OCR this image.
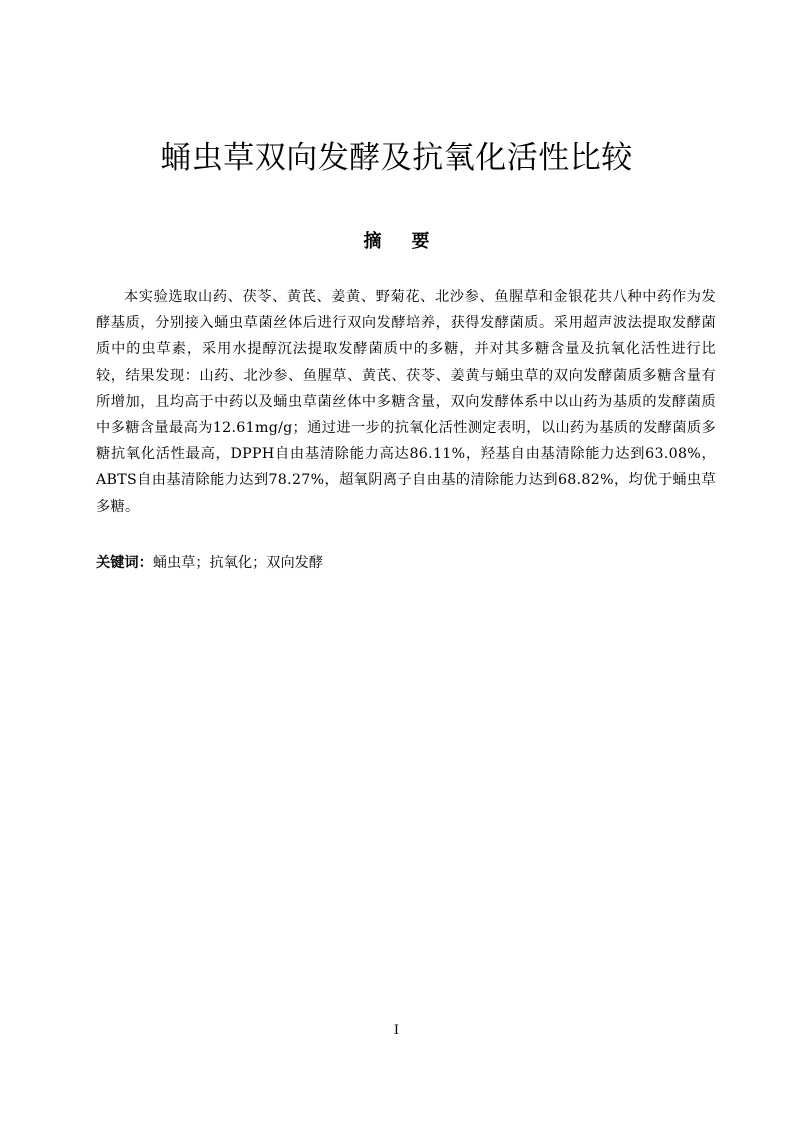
蛹虫草双向发酵及抗氧化活性比较
摘 要

本实验选取山药、茯苓、黄芪、姜黄、野菊花、北沙参、鱼腥草和金银花共八种中药作为发酵基质，分别接入蛹虫草菌丝体后进行双向发酵培养，获得发酵菌质。采用超声波法提取发酵菌质中的虫草素，采用水提醇沉法提取发酵菌质中的多糖，并对其多糖含量及抗氧化活性进行比较，结果发现：山药、北沙参、鱼腥草、黄芪、茯苓、姜黄与蛹虫草的双向发酵菌质多糖含量有所增加，且均高于中药以及蛹虫草菌丝体中多糖含量，双向发酵体系中以山药为基质的发酵菌质中多糖含量最高为12.61mg/g；通过进一步的抗氧化活性测定表明，以山药为基质的发酵菌质多糖抗氧化活性最高，DPPH自由基清除能力高达86.11%，羟基自由基清除能力达到63.08%，ABTS自由基清除能力达到78.27%，超氧阴离子自由基的清除能力达到68.82%，均优于蛹虫草多糖。

关键词：蛹虫草；抗氧化；双向发酵

I
